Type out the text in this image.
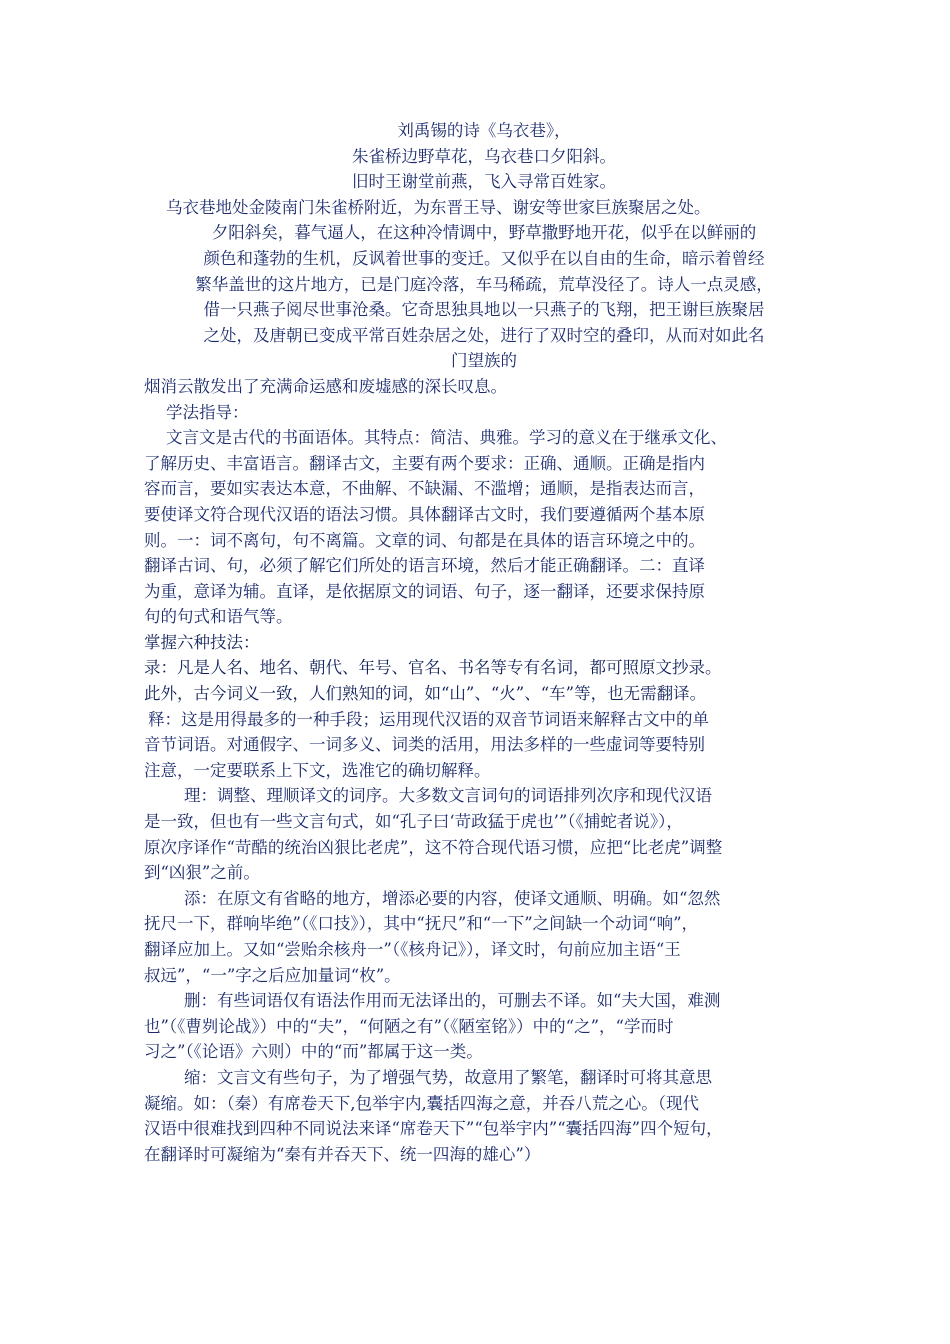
刘禹锡的诗《乌衣巷》，

朱雀桥边野草花，乌衣巷口夕阳斜。

旧时王谢堂前燕，飞入寻常百姓家。

乌衣巷地处金陵南门朱雀桥附近，为东晋王导、谢安等世家巨族聚居之处。

夕阳斜矣，暮气逼人，在这种冷情调中，野草撒野地开花，似乎在以鲜丽的

颜色和蓬勃的生机，反讽着世事的变迁。又似乎在以自由的生命，暗示着曾经

繁华盖世的这片地方，已是门庭冷落，车马稀疏，荒草没径了。诗人一点灵感，

借一只燕子阅尽世事沧桑。它奇思独具地以一只燕子的飞翔，把王谢巨族聚居

之处，及唐朝已变成平常百姓杂居之处，进行了双时空的叠印，从而对如此名

门望族的

烟消云散发出了充满命运感和废墟感的深长叹息。

学法指导：

文言文是古代的书面语体。其特点：简洁、典雅。学习的意义在于继承文化、

了解历史、丰富语言。翻译古文，主要有两个要求：正确、通顺。正确是指内

容而言，要如实表达本意，不曲解、不缺漏、不滥增；通顺，是指表达而言，

要使译文符合现代汉语的语法习惯。具体翻译古文时，我们要遵循两个基本原

则。一：词不离句，句不离篇。文章的词、句都是在具体的语言环境之中的。

翻译古词、句，必须了解它们所处的语言环境，然后才能正确翻译。二：直译

为重，意译为辅。直译，是依据原文的词语、句子，逐一翻译，还要求保持原

句的句式和语气等。

掌握六种技法：

录：凡是人名、地名、朝代、年号、官名、书名等专有名词，都可照原文抄录。

此外，古今词义一致，人们熟知的词，如“山”、“火”、“车”等，也无需翻译。

释：这是用得最多的一种手段；运用现代汉语的双音节词语来解释古文中的单

音节词语。对通假字、一词多义、词类的活用，用法多样的一些虚词等要特别

注意，一定要联系上下文，选准它的确切解释。

理：调整、理顺译文的词序。大多数文言词句的词语排列次序和现代汉语

是一致，但也有一些文言句式，如“孔子曰‘苛政猛于虎也’”（《捕蛇者说》），

原次序译作“苛酷的统治凶狠比老虎”，这不符合现代语习惯，应把“比老虎”调整

到“凶狠”之前。

添：在原文有省略的地方，增添必要的内容，使译文通顺、明确。如“忽然

抚尺一下，群响毕绝”（《口技》），其中“抚尺”和“一下”之间缺一个动词“响”，

翻译应加上。又如“尝贻余核舟一”（《核舟记》），译文时，句前应加主语“王

叔远”，“一”字之后应加量词“枚”。

删：有些词语仅有语法作用而无法译出的，可删去不译。如“夫大国，难测

也”（《曹刿论战》）中的“夫”，“何陋之有”（《陋室铭》）中的“之”，“学而时

习之”（《论语》六则）中的“而”都属于这一类。

缩：文言文有些句子，为了增强气势，故意用了繁笔，翻译时可将其意思

凝缩。如：（秦）有席卷天下,包举宇内,囊括四海之意，并吞八荒之心。（现代

汉语中很难找到四种不同说法来译“席卷天下”“包举宇内”“囊括四海”四个短句，

在翻译时可凝缩为“秦有并吞天下、统一四海的雄心”）
